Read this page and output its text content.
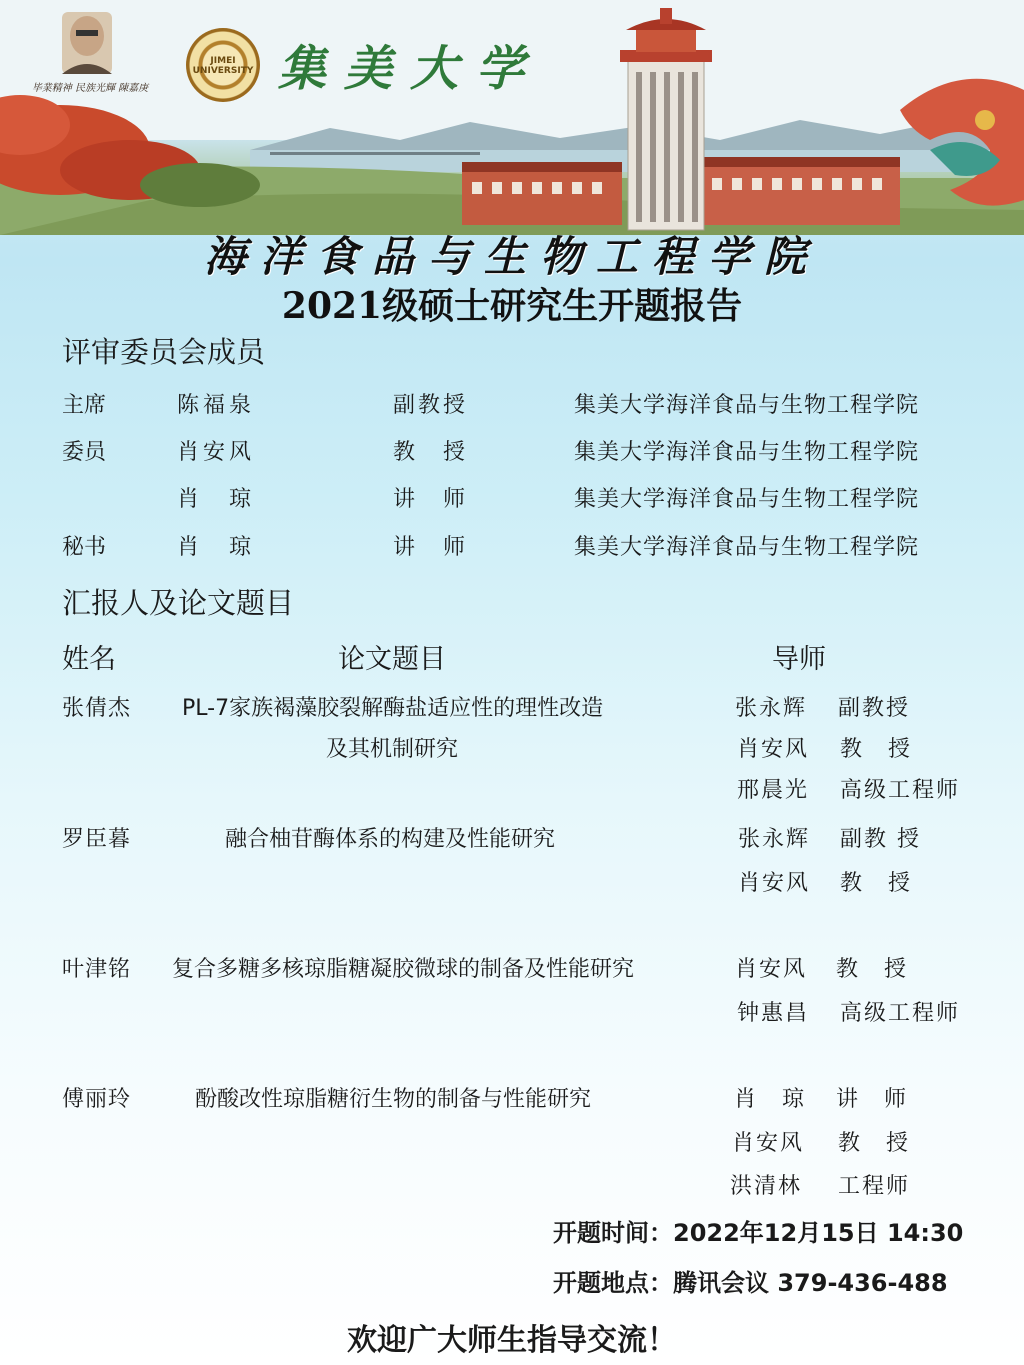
毕業精神 民族光輝 陳嘉庚
JIMEI UNIVERSITY 集美大学
海洋食品与生物工程学院
2021级硕士研究生开题报告
评审委员会成员
主席	陈福泉	副教授	集美大学海洋食品与生物工程学院
委员	肖安风	教　授	集美大学海洋食品与生物工程学院
肖　琼	讲　师	集美大学海洋食品与生物工程学院
秘书	肖　琼	讲　师	集美大学海洋食品与生物工程学院
汇报人及论文题目
姓名	论文题目	导师
张倩杰 PL-7家族褐藻胶裂解酶盐适应性的理性改造
及其机制研究
张永辉 副教授
肖安风 教　授
邢晨光 高级工程师
罗臣暮	融合柚苷酶体系的构建及性能研究	张永辉 副教 授
肖安风 教　授
叶津铭 复合多糖多核琼脂糖凝胶微球的制备及性能研究	肖安风 教　授
钟惠昌 高级工程师
傅丽玲	酚酸改性琼脂糖衍生物的制备与性能研究	肖　琼 讲　师
肖安风 教　授
洪清林 工程师
开题时间：2022年12月15日 14:30
开题地点：腾讯会议 379-436-488
欢迎广大师生指导交流！
